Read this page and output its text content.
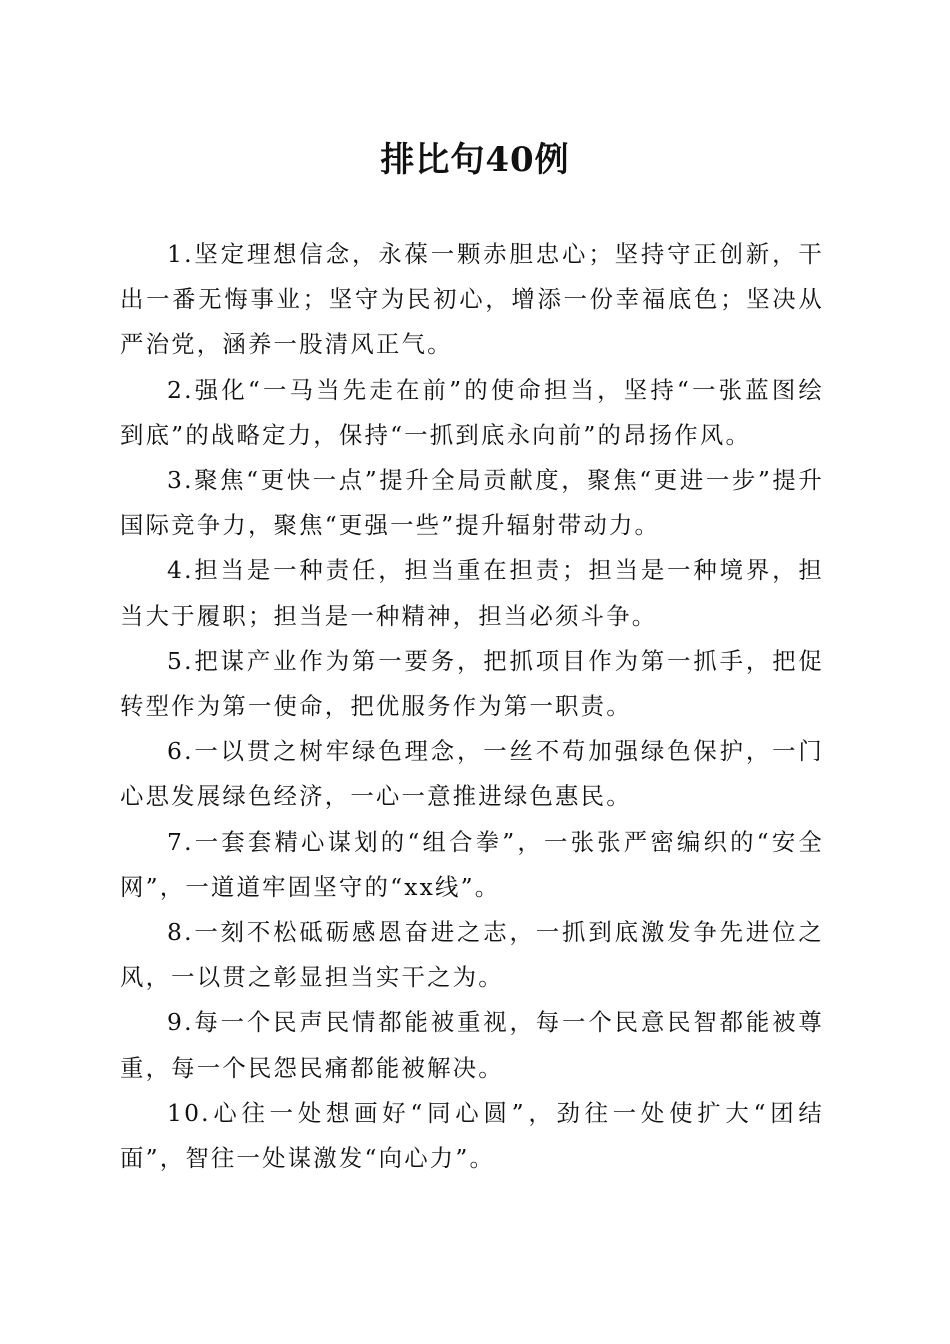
排比句40例

1.坚定理想信念，永葆一颗赤胆忠心；坚持守正创新，干出一番无悔事业；坚守为民初心，增添一份幸福底色；坚决从严治党，涵养一股清风正气。

2.强化“一马当先走在前”的使命担当，坚持“一张蓝图绘到底”的战略定力，保持“一抓到底永向前”的昂扬作风。

3.聚焦“更快一点”提升全局贡献度，聚焦“更进一步”提升国际竞争力，聚焦“更强一些”提升辐射带动力。

4.担当是一种责任，担当重在担责；担当是一种境界，担当大于履职；担当是一种精神，担当必须斗争。

5.把谋产业作为第一要务，把抓项目作为第一抓手，把促转型作为第一使命，把优服务作为第一职责。

6.一以贯之树牢绿色理念，一丝不苟加强绿色保护，一门心思发展绿色经济，一心一意推进绿色惠民。

7.一套套精心谋划的“组合拳”，一张张严密编织的“安全网”，一道道牢固坚守的“xx线”。

8.一刻不松砥砺感恩奋进之志，一抓到底激发争先进位之风，一以贯之彰显担当实干之为。

9.每一个民声民情都能被重视，每一个民意民智都能被尊重，每一个民怨民痛都能被解决。

10.心往一处想画好“同心圆”，劲往一处使扩大“团结面”，智往一处谋激发“向心力”。
